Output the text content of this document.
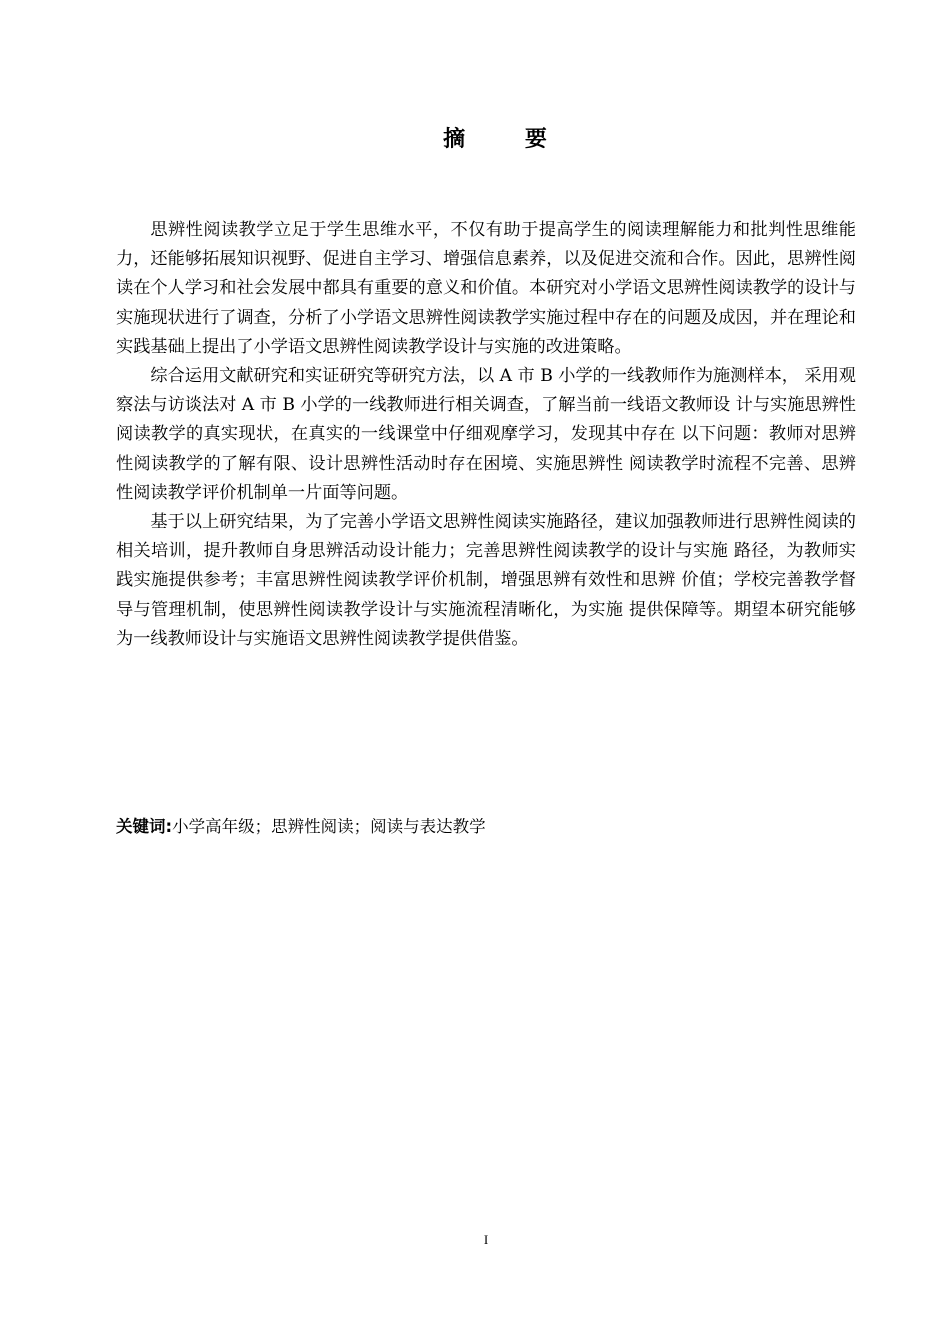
摘 要

思辨性阅读教学立足于学生思维水平，不仅有助于提高学生的阅读理解能力和批判性思维能力，还能够拓展知识视野、促进自主学习、增强信息素养，以及促进交流和合作。因此，思辨性阅读在个人学习和社会发展中都具有重要的意义和价值。本研究对小学语文思辨性阅读教学的设计与实施现状进行了调查，分析了小学语文思辨性阅读教学实施过程中存在的问题及成因，并在理论和实践基础上提出了小学语文思辨性阅读教学设计与实施的改进策略。

综合运用文献研究和实证研究等研究方法，以 A 市 B 小学的一线教师作为施测样本， 采用观察法与访谈法对 A 市 B 小学的一线教师进行相关调查，了解当前一线语文教师设 计与实施思辨性阅读教学的真实现状，在真实的一线课堂中仔细观摩学习，发现其中存在 以下问题：教师对思辨性阅读教学的了解有限、设计思辨性活动时存在困境、实施思辨性 阅读教学时流程不完善、思辨性阅读教学评价机制单一片面等问题。

基于以上研究结果，为了完善小学语文思辨性阅读实施路径，建议加强教师进行思辨性阅读的相关培训，提升教师自身思辨活动设计能力；完善思辨性阅读教学的设计与实施 路径，为教师实践实施提供参考；丰富思辨性阅读教学评价机制，增强思辨有效性和思辨 价值；学校完善教学督导与管理机制，使思辨性阅读教学设计与实施流程清晰化，为实施 提供保障等。期望本研究能够为一线教师设计与实施语文思辨性阅读教学提供借鉴。

关键词:小学高年级；思辨性阅读；阅读与表达教学
I
